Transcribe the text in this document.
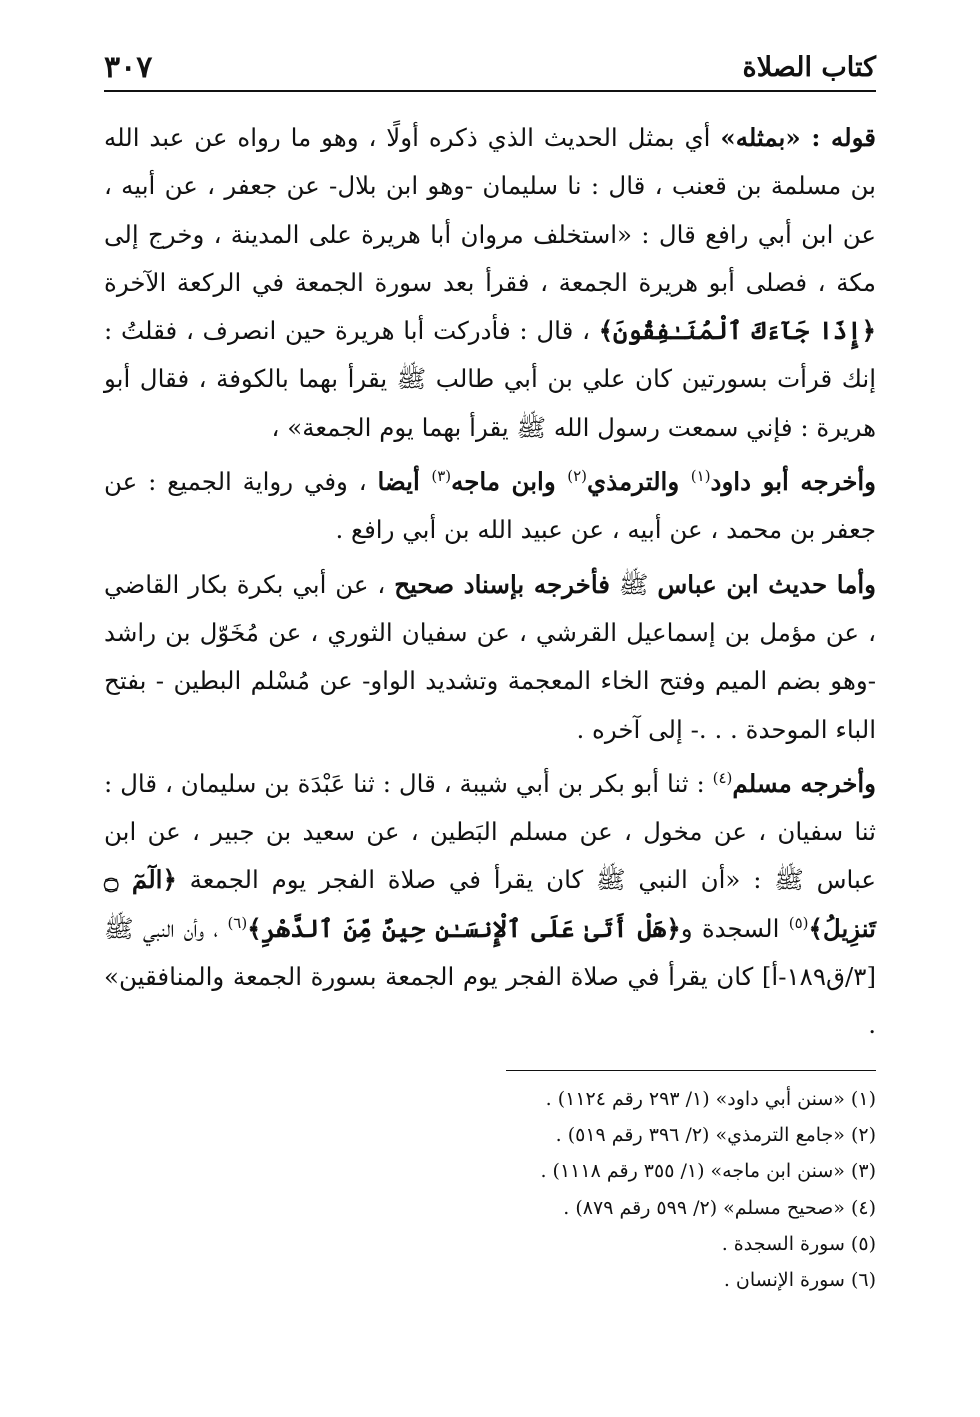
كتاب الصلاة
٣٠٧

قوله : «بمثله» أي بمثل الحديث الذي ذكره أولًا ، وهو ما رواه عن عبد الله بن مسلمة بن قعنب ، قال : نا سليمان -وهو ابن بلال- عن جعفر ، عن أبيه ، عن ابن أبي رافع قال : «استخلف مروان أبا هريرة على المدينة ، وخرج إلى مكة ، فصلى أبو هريرة الجمعة ، فقرأ بعد سورة الجمعة في الركعة الآخرة ﴿إِذَا جَآءَكَ ٱلْمُنَـٰفِقُونَ﴾ ، قال : فأدركت أبا هريرة حين انصرف ، فقلتُ : إنك قرأت بسورتين كان علي بن أبي طالب ﷺ يقرأ بهما بالكوفة ، فقال أبو هريرة : فإني سمعت رسول الله ﷺ يقرأ بهما يوم الجمعة» ،

وأخرجه أبو داود$^{(١)}$ والترمذي$^{(٢)}$ وابن ماجه$^{(٣)}$ أيضا ، وفي رواية الجميع : عن جعفر بن محمد ، عن أبيه ، عن عبيد الله بن أبي رافع .

وأما حديث ابن عباس ﷺ فأخرجه بإسناد صحيح ، عن أبي بكرة بكار القاضي ، عن مؤمل بن إسماعيل القرشي ، عن سفيان الثوري ، عن مُخَوّل بن راشد -وهو بضم الميم وفتح الخاء المعجمة وتشديد الواو- عن مُسْلم البطين - بفتح الباء الموحدة . . .- إلى آخره .

وأخرجه مسلم$^{(٤)}$ : ثنا أبو بكر بن أبي شيبة ، قال : ثنا عَبْدَة بن سليمان ، قال : ثنا سفيان ، عن مخول ، عن مسلم البَطين ، عن سعيد بن جبير ، عن ابن عباس ﷺ : «أن النبي ﷺ كان يقرأ في صلاة الفجر يوم الجمعة ﴿الٓمٓ ۝ تَنزِيلُ﴾$^{(٥)}$ السجدة و﴿هَلْ أَتَىٰ عَلَى ٱلْإِنسَـٰنِ حِينٌ مِّنَ ٱلدَّهْرِ﴾$^{(٦)}$ ، وأن النبي ﷺ [٣/ق١٨٩-أ] كان يقرأ في صلاة الفجر يوم الجمعة بسورة الجمعة والمنافقين» .

(١) «سنن أبي داود» (١/ ٢٩٣ رقم ١١٢٤) .

(٢) «جامع الترمذي» (٢/ ٣٩٦ رقم ٥١٩) .

(٣) «سنن ابن ماجه» (١/ ٣٥٥ رقم ١١١٨) .

(٤) «صحيح مسلم» (٢/ ٥٩٩ رقم ٨٧٩) .

(٥) سورة السجدة .

(٦) سورة الإنسان .
